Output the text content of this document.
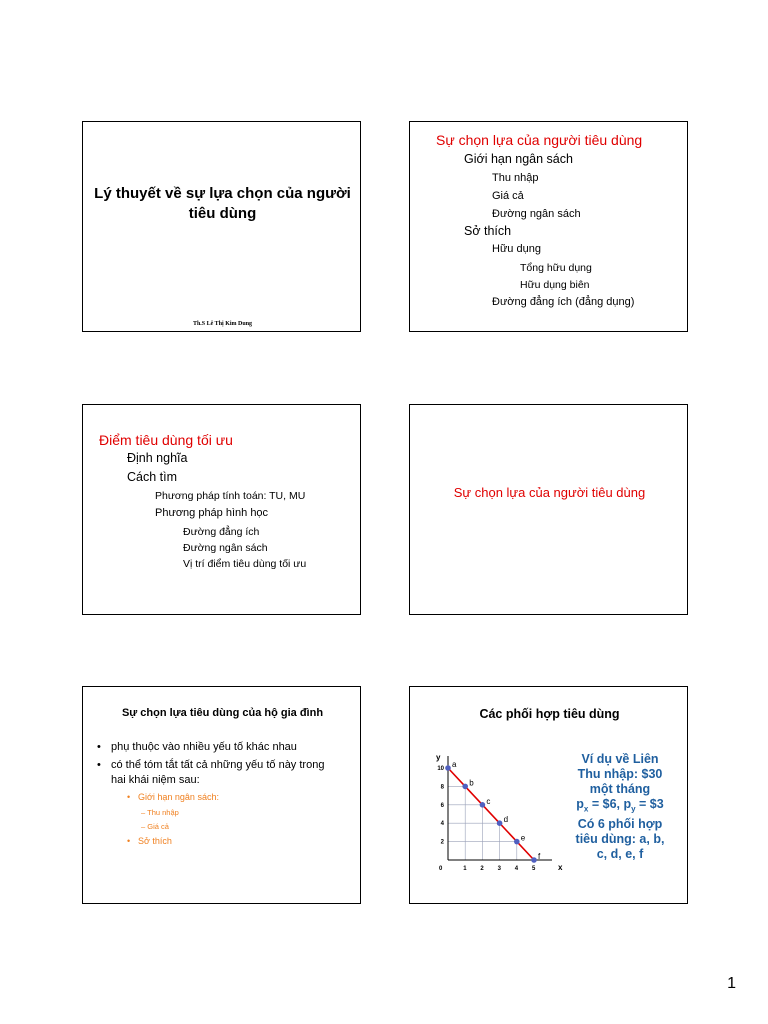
Lý thuyết về sự lựa chọn của người tiêu dùng
Th.S Lê Thị Kim Dung
Sự chọn lựa của người tiêu dùng
Giới hạn ngân sách
Thu nhập
Giá cả
Đường ngân sách
Sở thích
Hữu dụng
Tổng hữu dụng
Hữu dụng biên
Đường đẳng ích (đẳng dụng)
Điểm tiêu dùng tối ưu
Định nghĩa
Cách tìm
Phương pháp tính toán: TU, MU
Phương pháp hình học
Đường đẳng ích
Đường ngân sách
Vị trí điểm tiêu dùng tối ưu
Sự chọn lựa của người tiêu dùng
Sự chọn lựa tiêu dùng của hộ gia đình
• phụ thuộc vào nhiều yếu tố khác nhau
• có thể tóm tắt tất cả những yếu tố này trong
hai khái niệm sau:
• Giới hạn ngân sách:
– Thu nhập
– Giá cả
• Sở thích
Các phối hợp tiêu dùng
a
b
c
d
e
f
0	1 2 3 4 5
2
4
6
8
10
y
x
Ví dụ về Liên
Thu nhập: $30
một tháng
$p_x$ = $6, $p_y$ = $3
Có 6 phối hợp
tiêu dùng: a, b,
c, d, e, f
1
